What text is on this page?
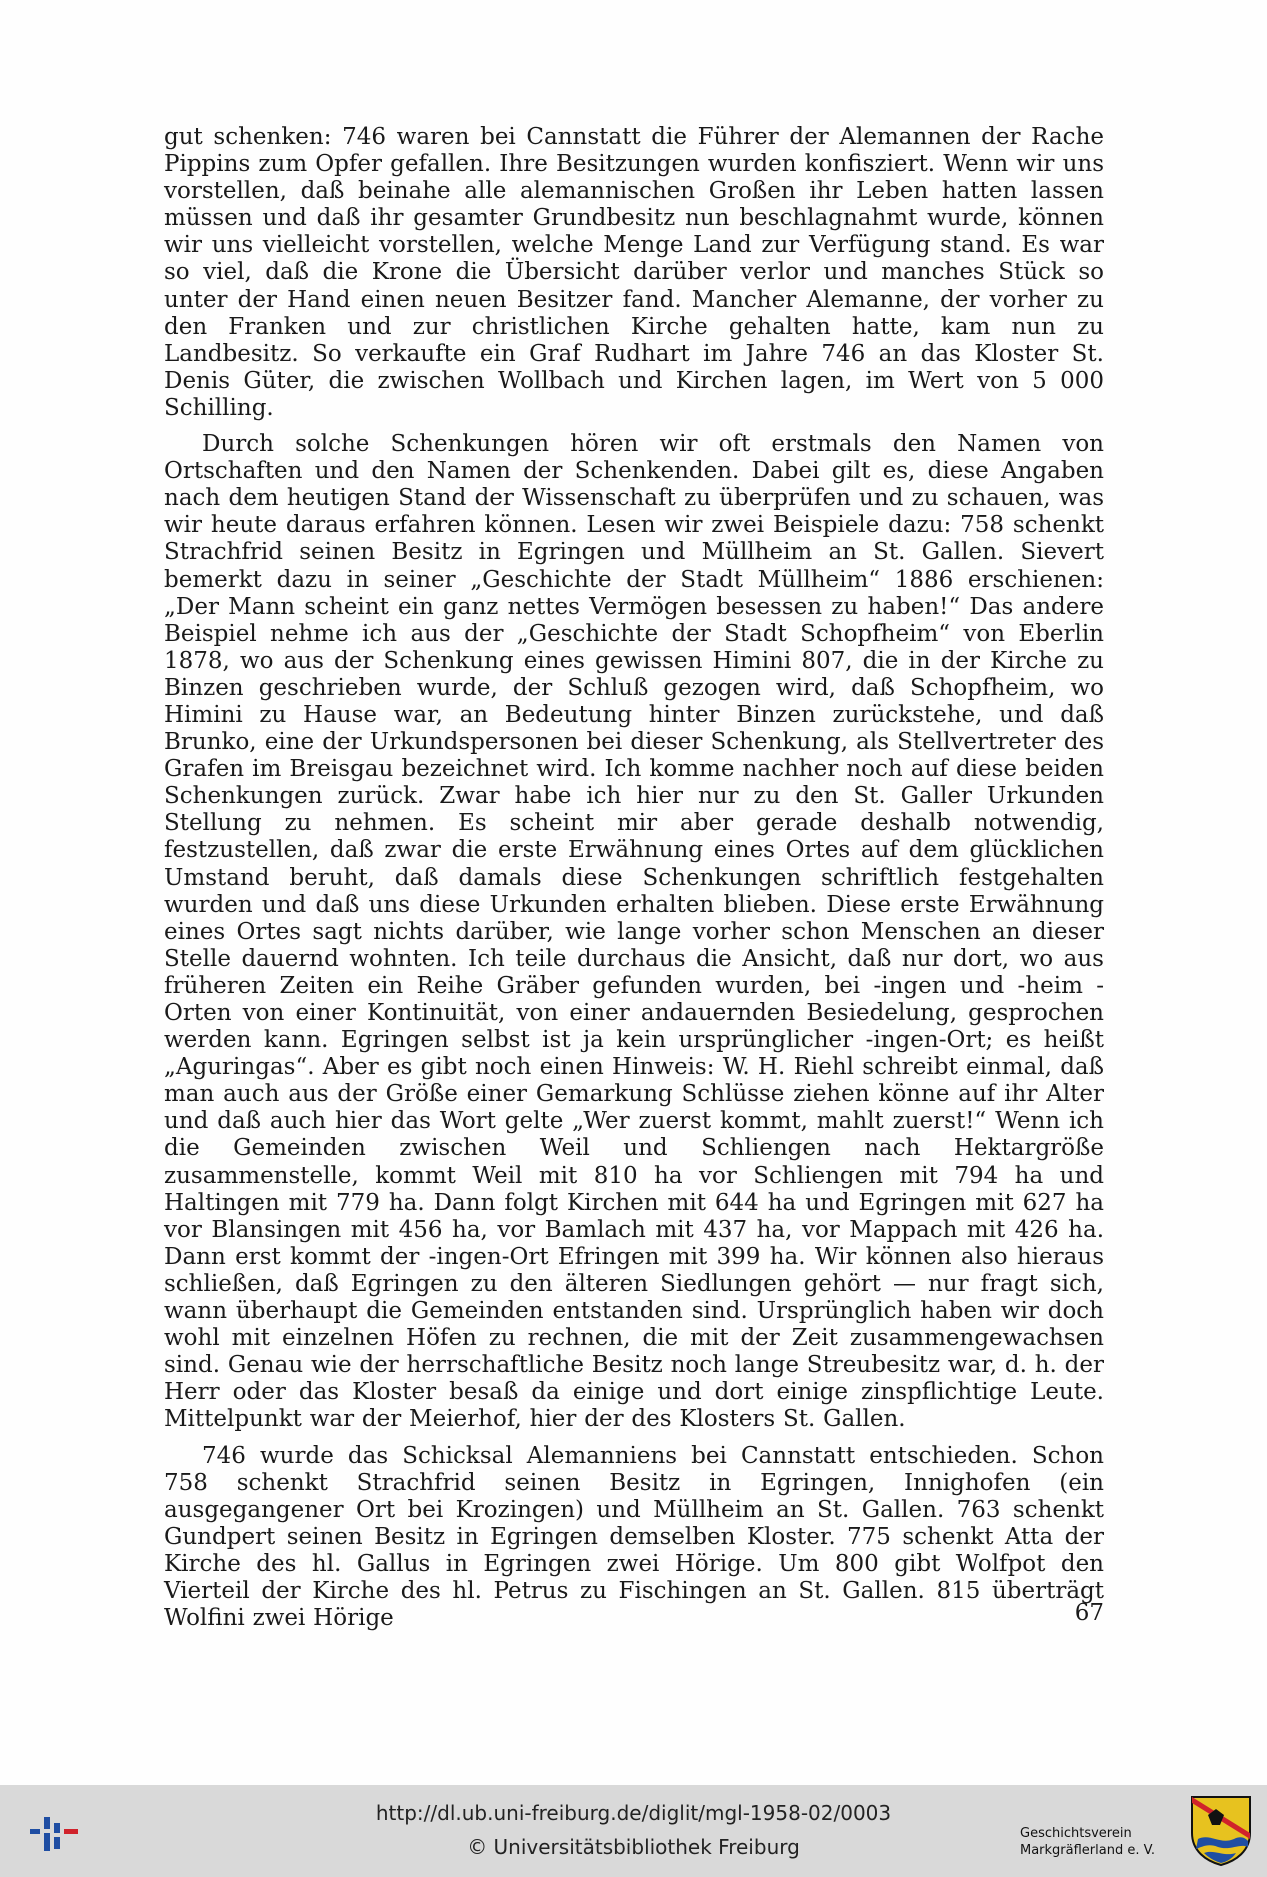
gut schenken: 746 waren bei Cannstatt die Führer der Alemannen der Rache Pippins zum Opfer gefallen. Ihre Besitzungen wurden konfisziert. Wenn wir uns vorstellen, daß beinahe alle alemannischen Großen ihr Leben hatten lassen müssen und daß ihr gesamter Grundbesitz nun beschlagnahmt wurde, können wir uns vielleicht vorstellen, welche Menge Land zur Verfügung stand. Es war so viel, daß die Krone die Übersicht darüber verlor und manches Stück so unter der Hand einen neuen Besitzer fand. Mancher Alemanne, der vorher zu den Franken und zur christlichen Kirche gehalten hatte, kam nun zu Landbesitz. So verkaufte ein Graf Rudhart im Jahre 746 an das Kloster St. Denis Güter, die zwischen Wollbach und Kirchen lagen, im Wert von 5 000 Schilling.

Durch solche Schenkungen hören wir oft erstmals den Namen von Ortschaften und den Namen der Schenkenden. Dabei gilt es, diese Angaben nach dem heutigen Stand der Wissenschaft zu überprüfen und zu schauen, was wir heute daraus erfahren können. Lesen wir zwei Beispiele dazu: 758 schenkt Strachfrid seinen Besitz in Egringen und Müllheim an St. Gallen. Sievert bemerkt dazu in seiner „Geschichte der Stadt Müllheim“ 1886 erschienen: „Der Mann scheint ein ganz nettes Vermögen besessen zu haben!“ Das andere Beispiel nehme ich aus der „Geschichte der Stadt Schopfheim“ von Eberlin 1878, wo aus der Schenkung eines gewissen Himini 807, die in der Kirche zu Binzen geschrieben wurde, der Schluß gezogen wird, daß Schopfheim, wo Himini zu Hause war, an Bedeutung hinter Binzen zurückstehe, und daß Brunko, eine der Urkundspersonen bei dieser Schenkung, als Stellvertreter des Grafen im Breisgau bezeichnet wird. Ich komme nachher noch auf diese beiden Schenkungen zurück. Zwar habe ich hier nur zu den St. Galler Urkunden Stellung zu nehmen. Es scheint mir aber gerade deshalb notwendig, festzustellen, daß zwar die erste Erwähnung eines Ortes auf dem glücklichen Umstand beruht, daß damals diese Schenkungen schriftlich festgehalten wurden und daß uns diese Urkunden erhalten blieben. Diese erste Erwähnung eines Ortes sagt nichts darüber, wie lange vorher schon Menschen an dieser Stelle dauernd wohnten. Ich teile durchaus die Ansicht, daß nur dort, wo aus früheren Zeiten ein Reihe Gräber gefunden wurden, bei -ingen und -heim -Orten von einer Kontinuität, von einer andauernden Besiedelung, gesprochen werden kann. Egringen selbst ist ja kein ursprünglicher -ingen-Ort; es heißt „Aguringas“. Aber es gibt noch einen Hinweis: W. H. Riehl schreibt einmal, daß man auch aus der Größe einer Gemarkung Schlüsse ziehen könne auf ihr Alter und daß auch hier das Wort gelte „Wer zuerst kommt, mahlt zuerst!“ Wenn ich die Gemeinden zwischen Weil und Schliengen nach Hektargröße zusammenstelle, kommt Weil mit 810 ha vor Schliengen mit 794 ha und Haltingen mit 779 ha. Dann folgt Kirchen mit 644 ha und Egringen mit 627 ha vor Blansingen mit 456 ha, vor Bamlach mit 437 ha, vor Mappach mit 426 ha. Dann erst kommt der -ingen-Ort Efringen mit 399 ha. Wir können also hieraus schließen, daß Egringen zu den älteren Siedlungen gehört — nur fragt sich, wann überhaupt die Gemeinden entstanden sind. Ursprünglich haben wir doch wohl mit einzelnen Höfen zu rechnen, die mit der Zeit zusammengewachsen sind. Genau wie der herrschaftliche Besitz noch lange Streubesitz war, d. h. der Herr oder das Kloster besaß da einige und dort einige zinspflichtige Leute. Mittelpunkt war der Meierhof, hier der des Klosters St. Gallen.

746 wurde das Schicksal Alemanniens bei Cannstatt entschieden. Schon 758 schenkt Strachfrid seinen Besitz in Egringen, Innighofen (ein ausgegangener Ort bei Krozingen) und Müllheim an St. Gallen. 763 schenkt Gundpert seinen Besitz in Egringen demselben Kloster. 775 schenkt Atta der Kirche des hl. Gallus in Egringen zwei Hörige. Um 800 gibt Wolfpot den Vierteil der Kirche des hl. Petrus zu Fischingen an St. Gallen. 815 überträgt Wolfini zwei Hörige	67
http://dl.ub.uni-freiburg.de/diglit/mgl-1958-02/0003
© Universitätsbibliothek Freiburg
Geschichtsverein
Markgräflerland e. V.
